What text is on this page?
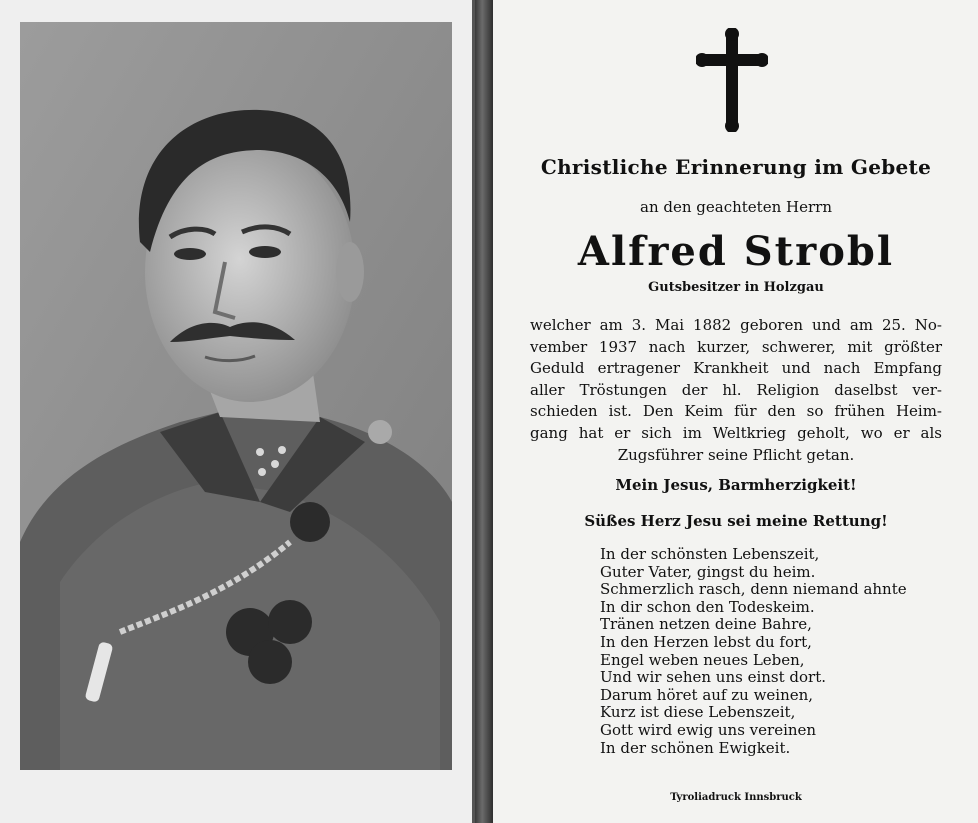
Christliche Erinnerung im Gebete
an den geachteten Herrn
Alfred Strobl
Gutsbesitzer in Holzgau
welcher am 3. Mai 1882 geboren und am 25. No-
vember 1937 nach kurzer, schwerer, mit größter
Geduld ertragener Krankheit und nach Empfang
aller Tröstungen der hl. Religion daselbst ver-
schieden ist. Den Keim für den so frühen Heim-
gang hat er sich im Weltkrieg geholt, wo er als
Zugsführer seine Pflicht getan.
Mein Jesus, Barmherzigkeit!
Süßes Herz Jesu sei meine Rettung!
In der schönsten Lebenszeit,
Guter Vater, gingst du heim.
Schmerzlich rasch, denn niemand ahnte
In dir schon den Todeskeim.
Tränen netzen deine Bahre,
In den Herzen lebst du fort,
Engel weben neues Leben,
Und wir sehen uns einst dort.
Darum höret auf zu weinen,
Kurz ist diese Lebenszeit,
Gott wird ewig uns vereinen
In der schönen Ewigkeit.
Tyroliadruck Innsbruck
